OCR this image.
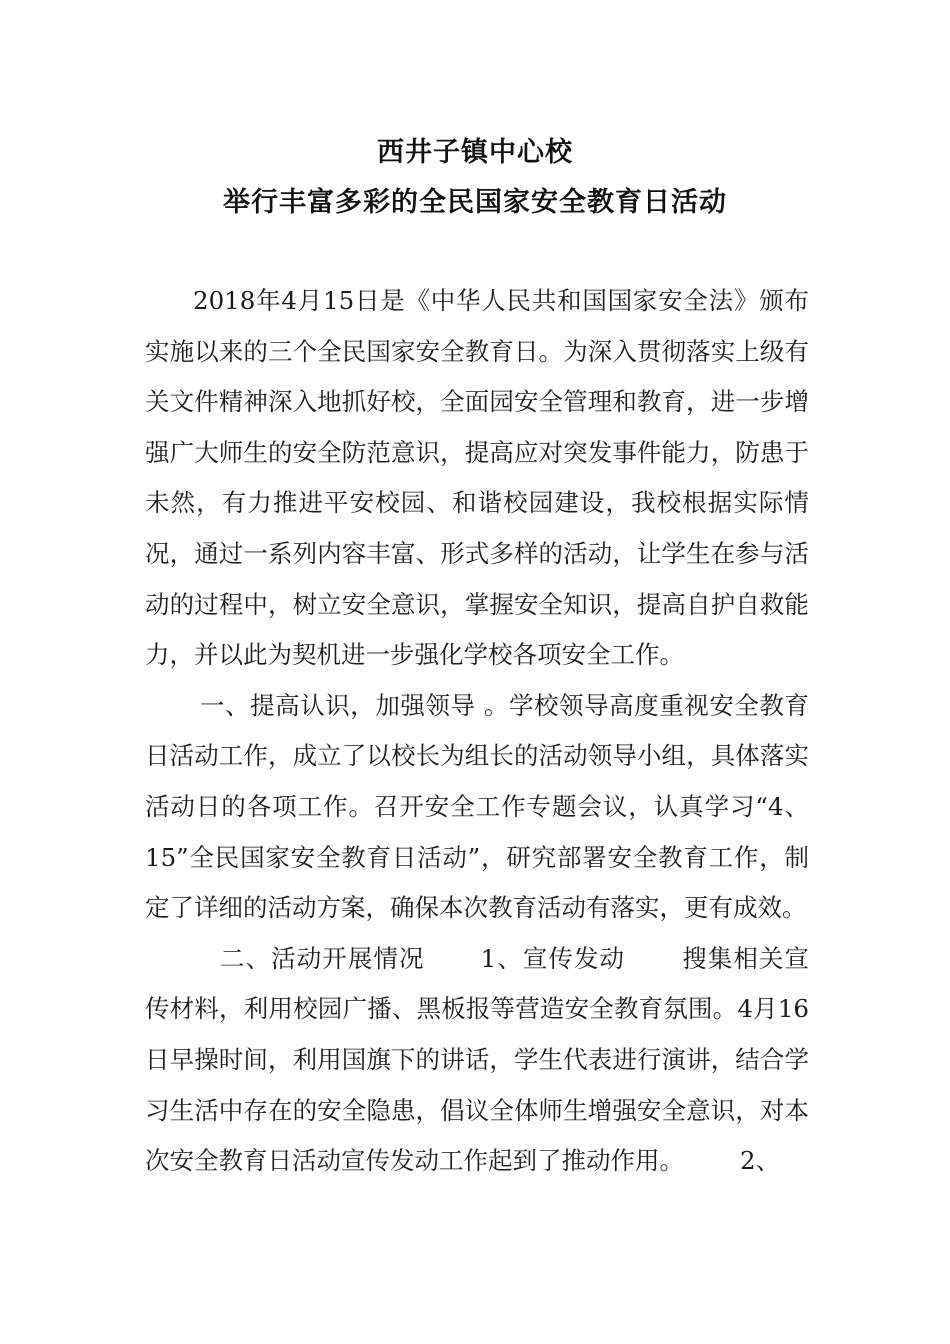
西井子镇中心校
举行丰富多彩的全民国家安全教育日活动

2018年4月15日是《中华人民共和国国家安全法》颁布实施以来的三个全民国家安全教育日。为深入贯彻落实上级有关文件精神深入地抓好校，全面园安全管理和教育，进一步增强广大师生的安全防范意识，提高应对突发事件能力，防患于未然，有力推进平安校园、和谐校园建设，我校根据实际情况，通过一系列内容丰富、形式多样的活动，让学生在参与活动的过程中，树立安全意识，掌握安全知识，提高自护自救能力，并以此为契机进一步强化学校各项安全工作。

一、提高认识，加强领导 。学校领导高度重视安全教育日活动工作，成立了以校长为组长的活动领导小组，具体落实活动日的各项工作。召开安全工作专题会议，认真学习“4、15”全民国家安全教育日活动”，研究部署安全教育工作，制定了详细的活动方案，确保本次教育活动有落实，更有成效。

二、活动开展情况 1、宣传发动 搜集相关宣传材料，利用校园广播、黑板报等营造安全教育氛围。4月16日早操时间，利用国旗下的讲话，学生代表进行演讲，结合学习生活中存在的安全隐患，倡议全体师生增强安全意识，对本次安全教育日活动宣传发动工作起到了推动作用。 2、
